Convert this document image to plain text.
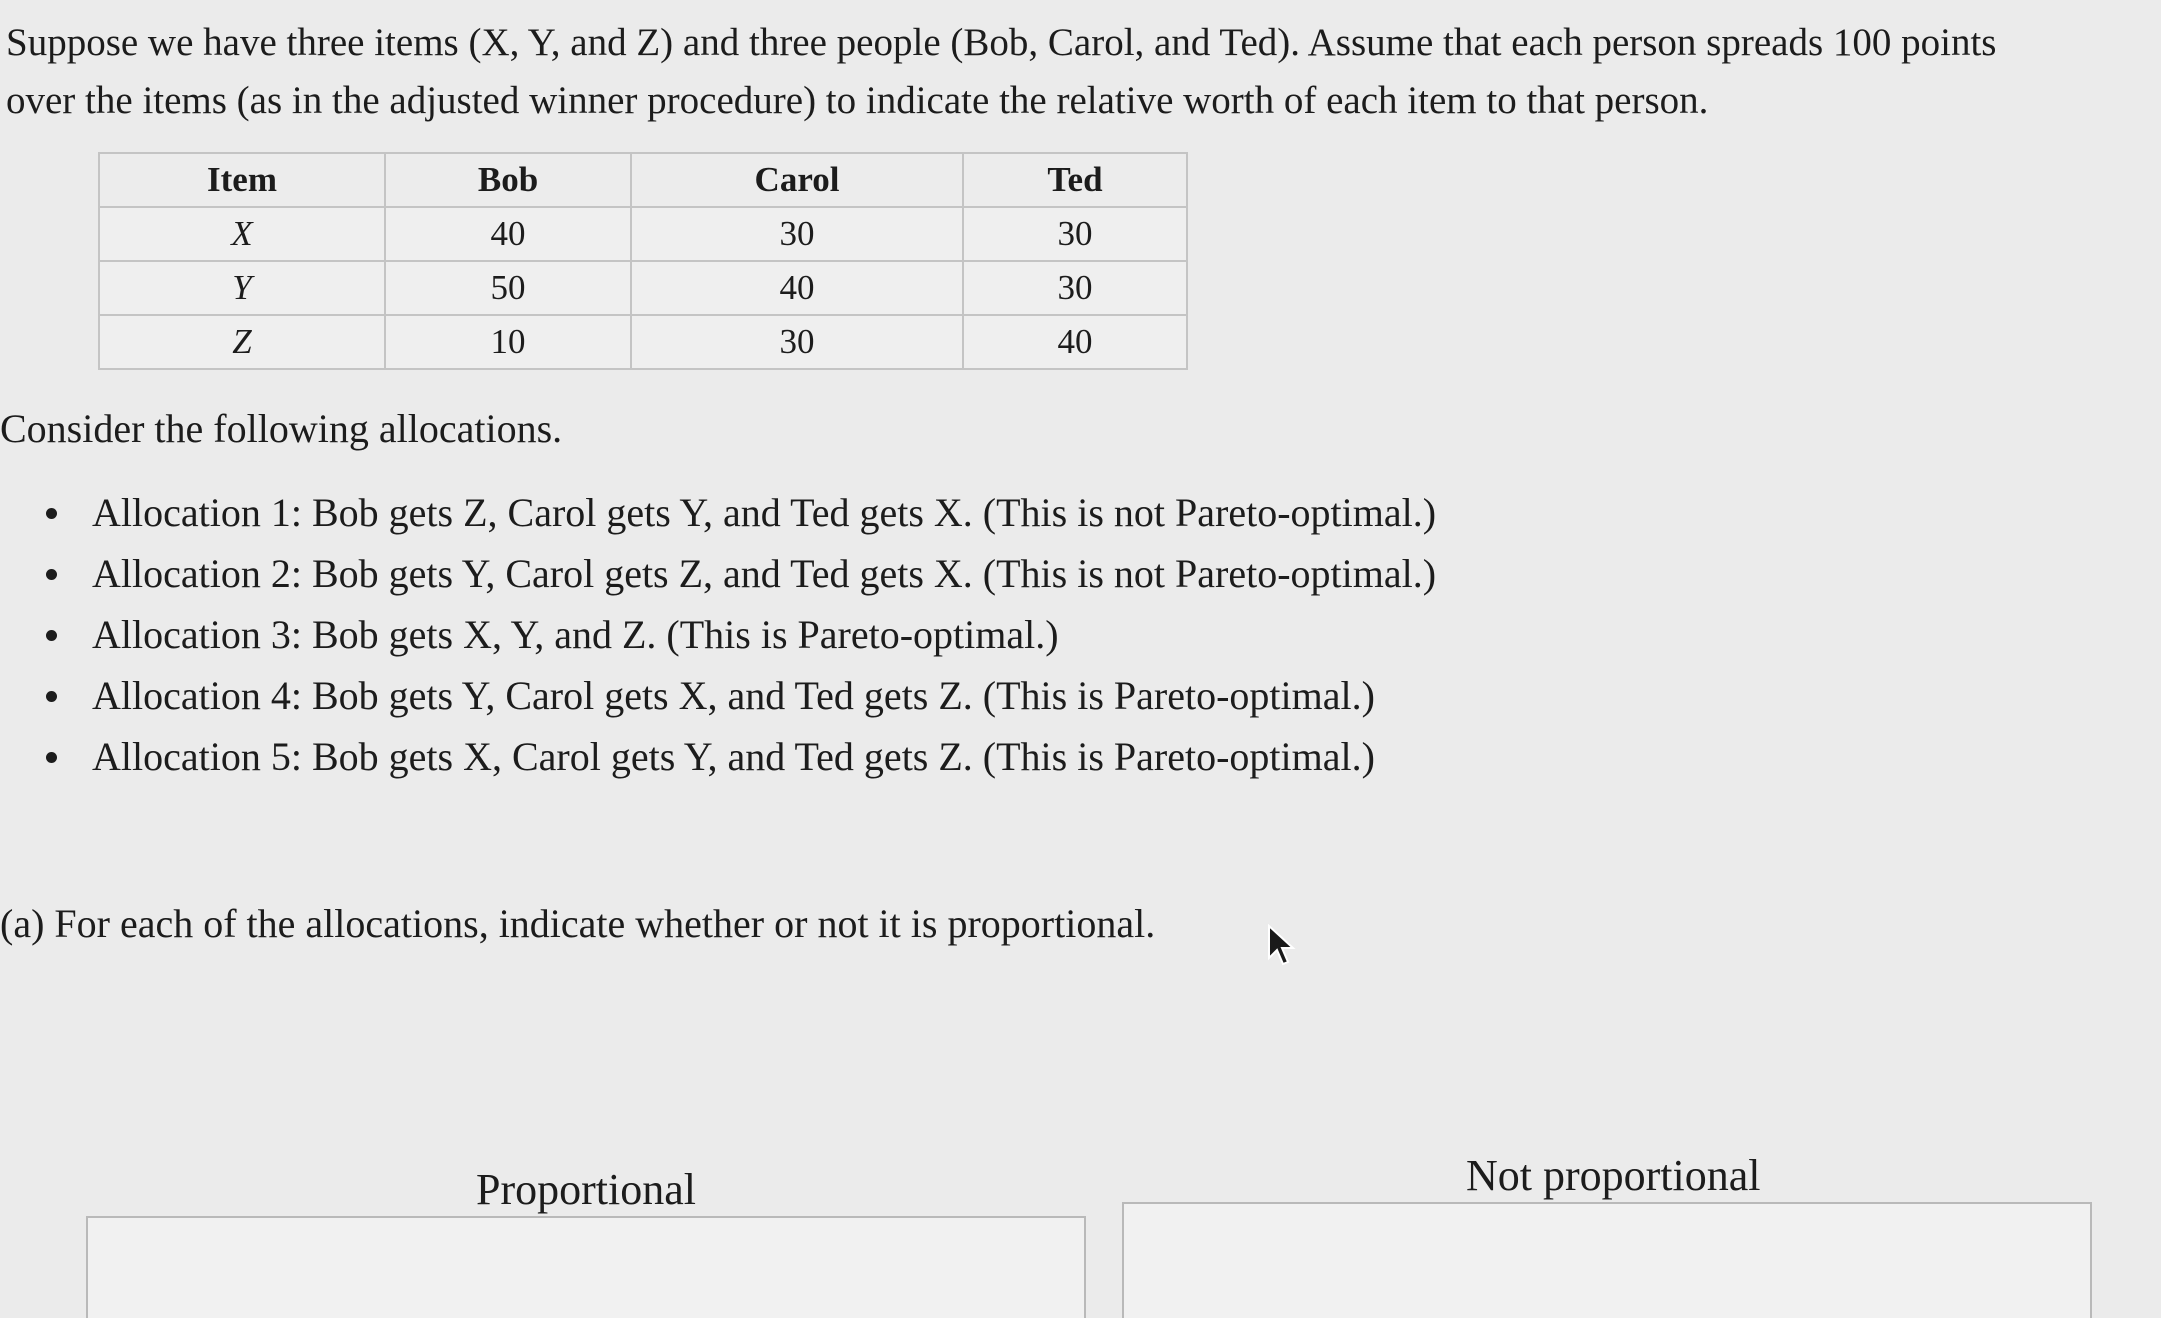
Suppose we have three items (X, Y, and Z) and three people (Bob, Carol, and Ted). Assume that each person spreads 100 points

over the items (as in the adjusted winner procedure) to indicate the relative worth of each item to that person.

Item	Bob	Carol	Ted
X	40	30	30
Y	50	40	30
Z	10	30	40

Consider the following allocations.

Allocation 1: Bob gets Z, Carol gets Y, and Ted gets X. (This is not Pareto-optimal.)
Allocation 2: Bob gets Y, Carol gets Z, and Ted gets X. (This is not Pareto-optimal.)
Allocation 3: Bob gets X, Y, and Z. (This is Pareto-optimal.)
Allocation 4: Bob gets Y, Carol gets X, and Ted gets Z. (This is Pareto-optimal.)
Allocation 5: Bob gets X, Carol gets Y, and Ted gets Z. (This is Pareto-optimal.)

(a) For each of the allocations, indicate whether or not it is proportional.

Proportional	Not proportional
